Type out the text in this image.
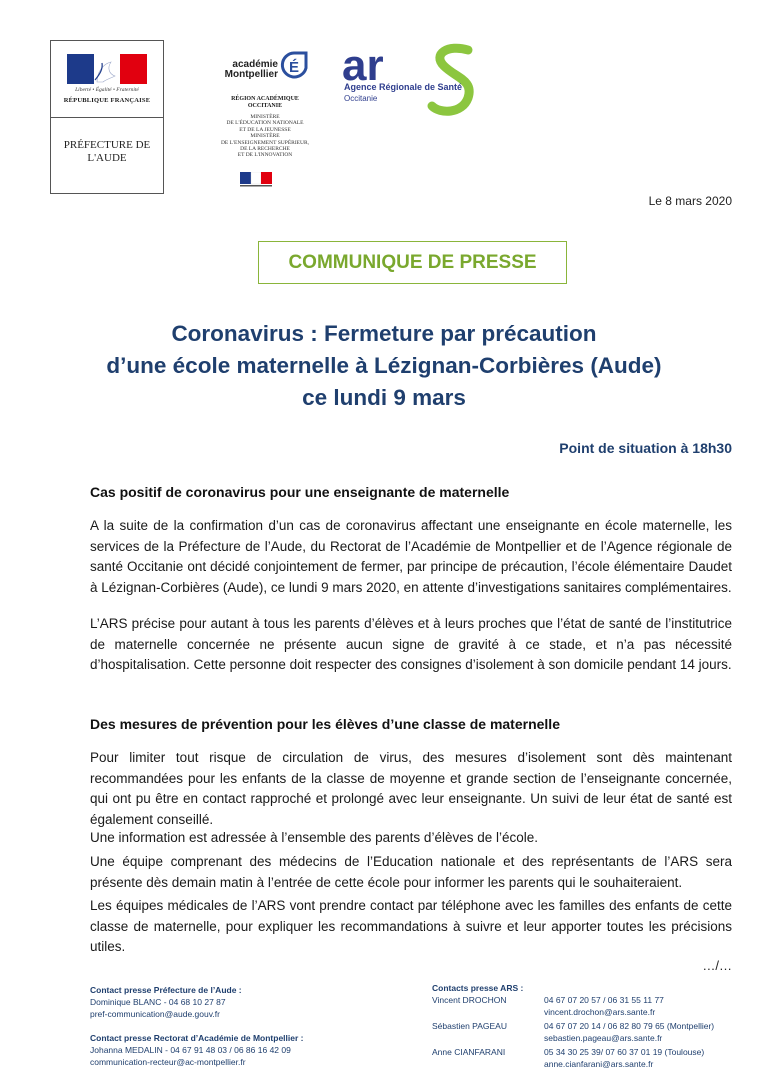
Liberté • Égalité • Fraternité
RÉPUBLIQUE FRANÇAISE
PRÉFECTURE DE
L'AUDE
académie
Montpellier É
RÉGION ACADÉMIQUE
OCCITANIE
MINISTÈRE
DE L'ÉDUCATION NATIONALE
ET DE LA JEUNESSE
MINISTÈRE
DE L'ENSEIGNEMENT SUPÉRIEUR,
DE LA RECHERCHE
ET DE L'INNOVATION
ar
Agence Régionale de Santé
Occitanie
Le 8 mars 2020
COMMUNIQUE DE PRESSE
Coronavirus : Fermeture par précaution
d’une école maternelle à Lézignan-Corbières (Aude)
ce lundi 9 mars
Point de situation à 18h30
Cas positif de coronavirus pour une enseignante de maternelle
A la suite de la confirmation d’un cas de coronavirus affectant une enseignante en école maternelle, les services de la Préfecture de l’Aude, du Rectorat de l’Académie de Montpellier et de l’Agence régionale de santé Occitanie ont décidé conjointement de fermer, par principe de précaution, l’école élémentaire Daudet à Lézignan-Corbières (Aude), ce lundi 9 mars 2020, en attente d’investigations sanitaires complémentaires.
L’ARS précise pour autant à tous les parents d’élèves et à leurs proches que l’état de santé de l’institutrice de maternelle concernée ne présente aucun signe de gravité à ce stade, et n’a pas nécessité d’hospitalisation. Cette personne doit respecter des consignes d’isolement à son domicile pendant 14 jours.
Des mesures de prévention pour les élèves d’une classe de maternelle
Pour limiter tout risque de circulation de virus, des mesures d’isolement sont dès maintenant recommandées pour les enfants de la classe de moyenne et grande section de l’enseignante concernée, qui ont pu être en contact rapproché et prolongé avec leur enseignante. Un suivi de leur état de santé est également conseillé.
Une information est adressée à l’ensemble des parents d’élèves de l’école.
Une équipe comprenant des médecins de l’Education nationale et des représentants de l’ARS sera présente dès demain matin à l’entrée de cette école pour informer les parents qui le souhaiteraient.
Les équipes médicales de l’ARS vont prendre contact par téléphone avec les familles des enfants de cette classe de maternelle, pour expliquer les recommandations à suivre et leur apporter toutes les précisions utiles.
…/…
Contact presse Préfecture de l’Aude :
Dominique BLANC - 04 68 10 27 87
pref-communication@aude.gouv.fr
Contact presse Rectorat d’Académie de Montpellier :
Johanna MEDALIN - 04 67 91 48 03 / 06 86 16 42 09
communication-recteur@ac-montpellier.fr
Contacts presse ARS :
Vincent DROCHON	04 67 07 20 57 / 06 31 55 11 77
vincent.drochon@ars.sante.fr
Sébastien PAGEAU	04 67 07 20 14 / 06 82 80 79 65 (Montpellier)
sebastien.pageau@ars.sante.fr
Anne CIANFARANI	05 34 30 25 39/ 07 60 37 01 19 (Toulouse)
anne.cianfarani@ars.sante.fr
